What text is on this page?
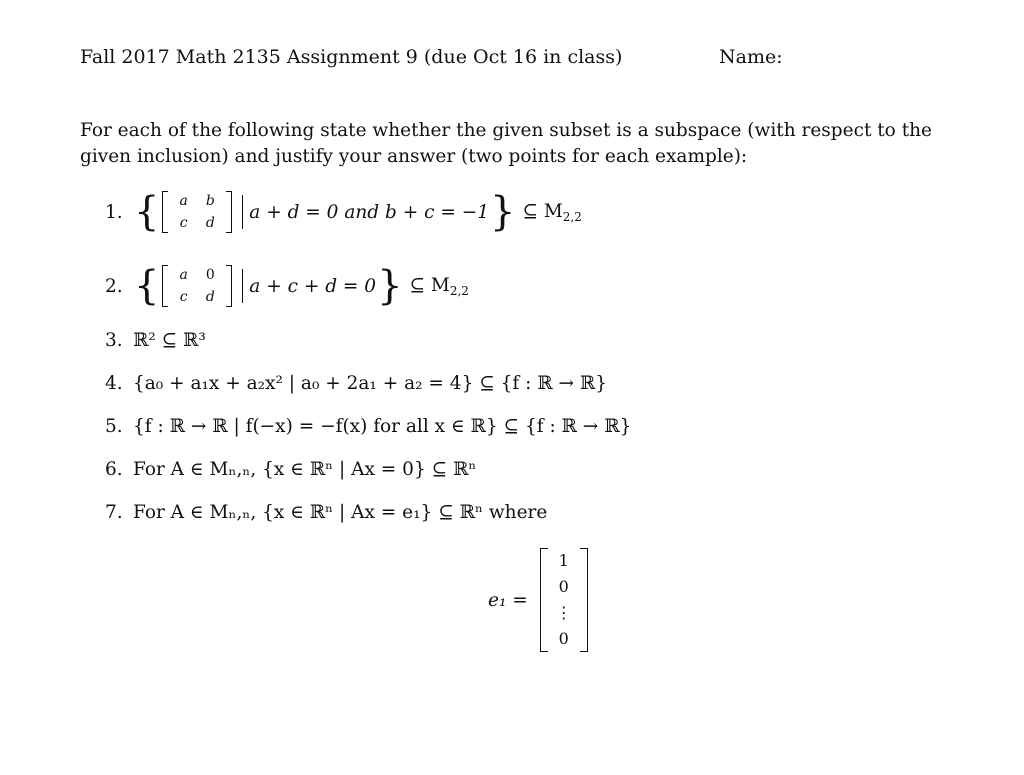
Fall 2017 Math 2135 Assignment 9 (due Oct 16 in class)	Name:
For each of the following state whether the given subset is a subspace (with respect to the given inclusion) and justify your answer (two points for each example):
1. { a	b
c	d
a + d = 0 and b + c = −1 } ⊆ $M_{2,2}$
2. { a	0
c	d
a + c + d = 0 } ⊆ $M_{2,2}$
3. ℝ² ⊆ ℝ³
4. {a₀ + a₁x + a₂x² | a₀ + 2a₁ + a₂ = 4} ⊆ {f : ℝ → ℝ}
5. {f : ℝ → ℝ | f(−x) = −f(x) for all x ∈ ℝ} ⊆ {f : ℝ → ℝ}
6. For A ∈ Mₙ,ₙ, {x ∈ ℝⁿ | Ax = 0} ⊆ ℝⁿ
7. For A ∈ Mₙ,ₙ, {x ∈ ℝⁿ | Ax = e₁} ⊆ ℝⁿ where
e₁ =
1
0
⋮
0
